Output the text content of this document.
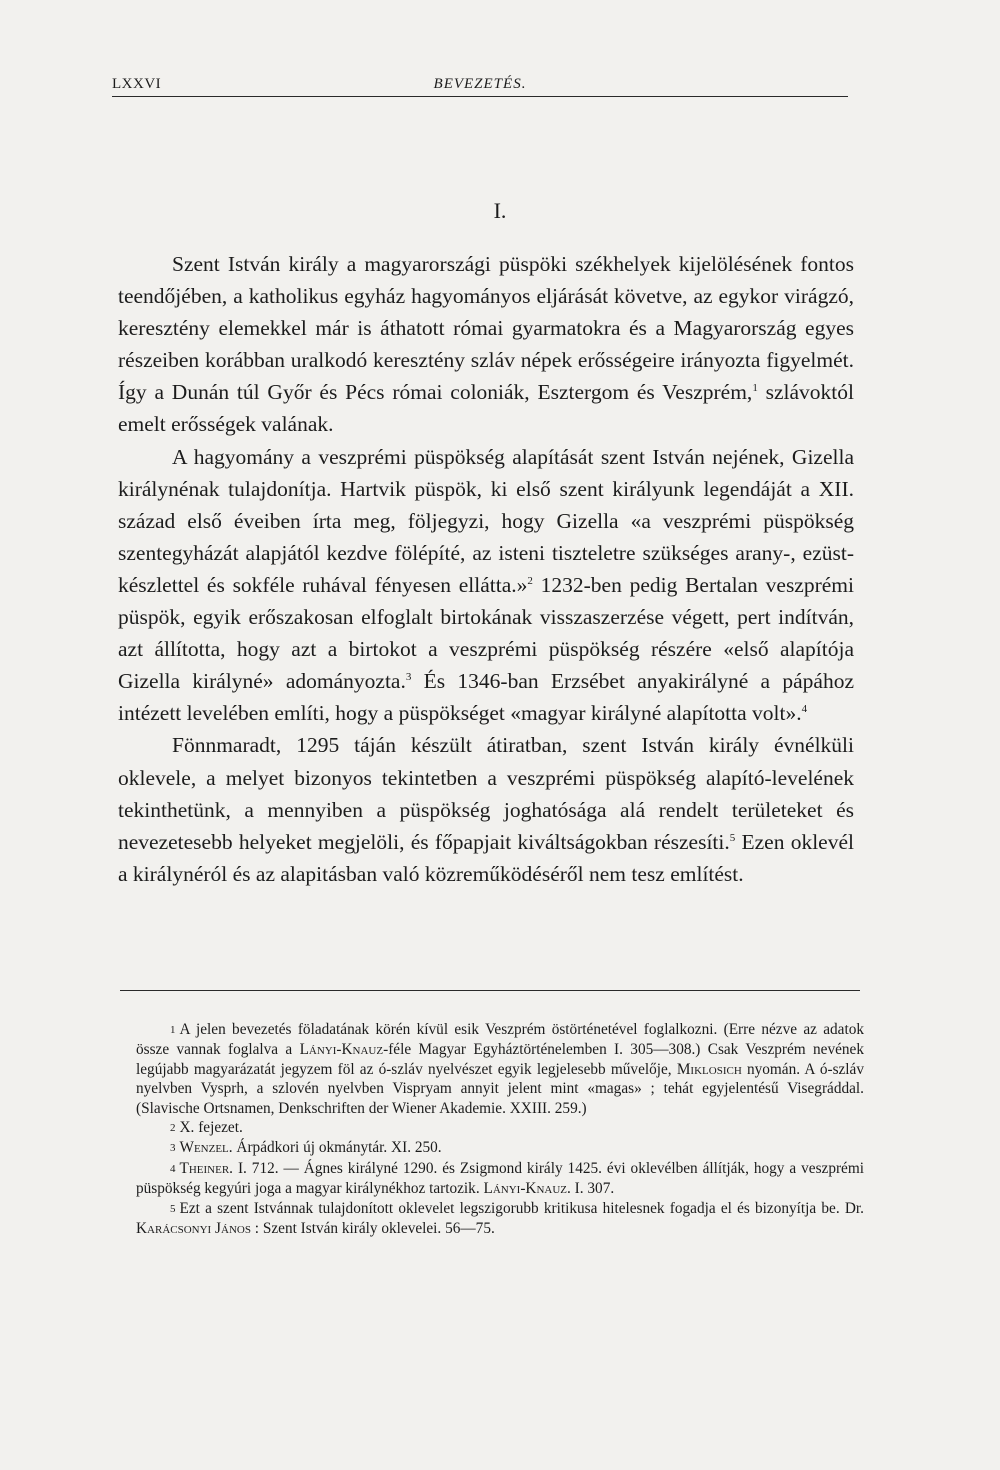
LXXVI	BEVEZETÉS.
I.

Szent István király a magyarországi püspöki székhelyek kijelölésének fontos teendőjében, a katholikus egyház hagyományos eljárását követve, az egykor virágzó, keresztény elemekkel már is áthatott római gyarmatokra és a Magyarország egyes részeiben korábban uralkodó keresztény szláv népek erősségeire irányozta figyelmét. Így a Dunán túl Győr és Pécs római coloniák, Esztergom és Veszprém,$^1$ szlávoktól emelt erősségek valának.

A hagyomány a veszprémi püspökség alapítását szent István nejének, Gizella királynénak tulajdonítja. Hartvik püspök, ki első szent királyunk legendáját a XII. század első éveiben írta meg, följegyzi, hogy Gizella «a veszprémi püspökség szentegyházát alapjától kezdve fölépíté, az isteni tiszteletre szükséges arany-, ezüst-készlettel és sokféle ruhával fényesen ellátta.»$^2$ 1232-ben pedig Bertalan veszprémi püspök, egyik erőszakosan elfoglalt birtokának visszaszerzése végett, pert indítván, azt állította, hogy azt a birtokot a veszprémi püspökség részére «első alapítója Gizella királyné» adományozta.$^3$ És 1346-ban Erzsébet anyakirályné a pápához intézett levelében említi, hogy a püspökséget «magyar királyné alapította volt».$^4$

Fönnmaradt, 1295 táján készült átiratban, szent István király évnélküli oklevele, a melyet bizonyos tekintetben a veszprémi püspökség alapító-levelének tekinthetünk, a mennyiben a püspökség joghatósága alá rendelt területeket és nevezetesebb helyeket megjelöli, és főpapjait kiváltságokban részesíti.$^5$ Ezen oklevél a királynéról és az alapitásban való közreműködéséről nem tesz említést.

1 A jelen bevezetés föladatának körén kívül esik Veszprém östörténetével foglalkozni. (Erre nézve az adatok össze vannak foglalva a Lányi-Knauz-féle Magyar Egyháztörténelemben I. 305—308.) Csak Veszprém nevének legújabb magyarázatát jegyzem föl az ó-szláv nyelvészet egyik legjelesebb művelője, Miklosich nyomán. A ó-szláv nyelvben Vysprh, a szlovén nyelvben Vispryam annyit jelent mint «magas» ; tehát egyjelentésű Visegráddal. (Slavische Ortsnamen, Denkschriften der Wiener Akademie. XXIII. 259.)

2 X. fejezet.

3 Wenzel. Árpádkori új okmánytár. XI. 250.

4 Theiner. I. 712. — Ágnes királyné 1290. és Zsigmond király 1425. évi oklevélben állítják, hogy a veszprémi püspökség kegyúri joga a magyar királynékhoz tartozik. Lányi-Knauz. I. 307.

5 Ezt a szent Istvánnak tulajdonított oklevelet legszigorubb kritikusa hitelesnek fogadja el és bizonyítja be. Dr. Karácsonyi János : Szent István király oklevelei. 56—75.
